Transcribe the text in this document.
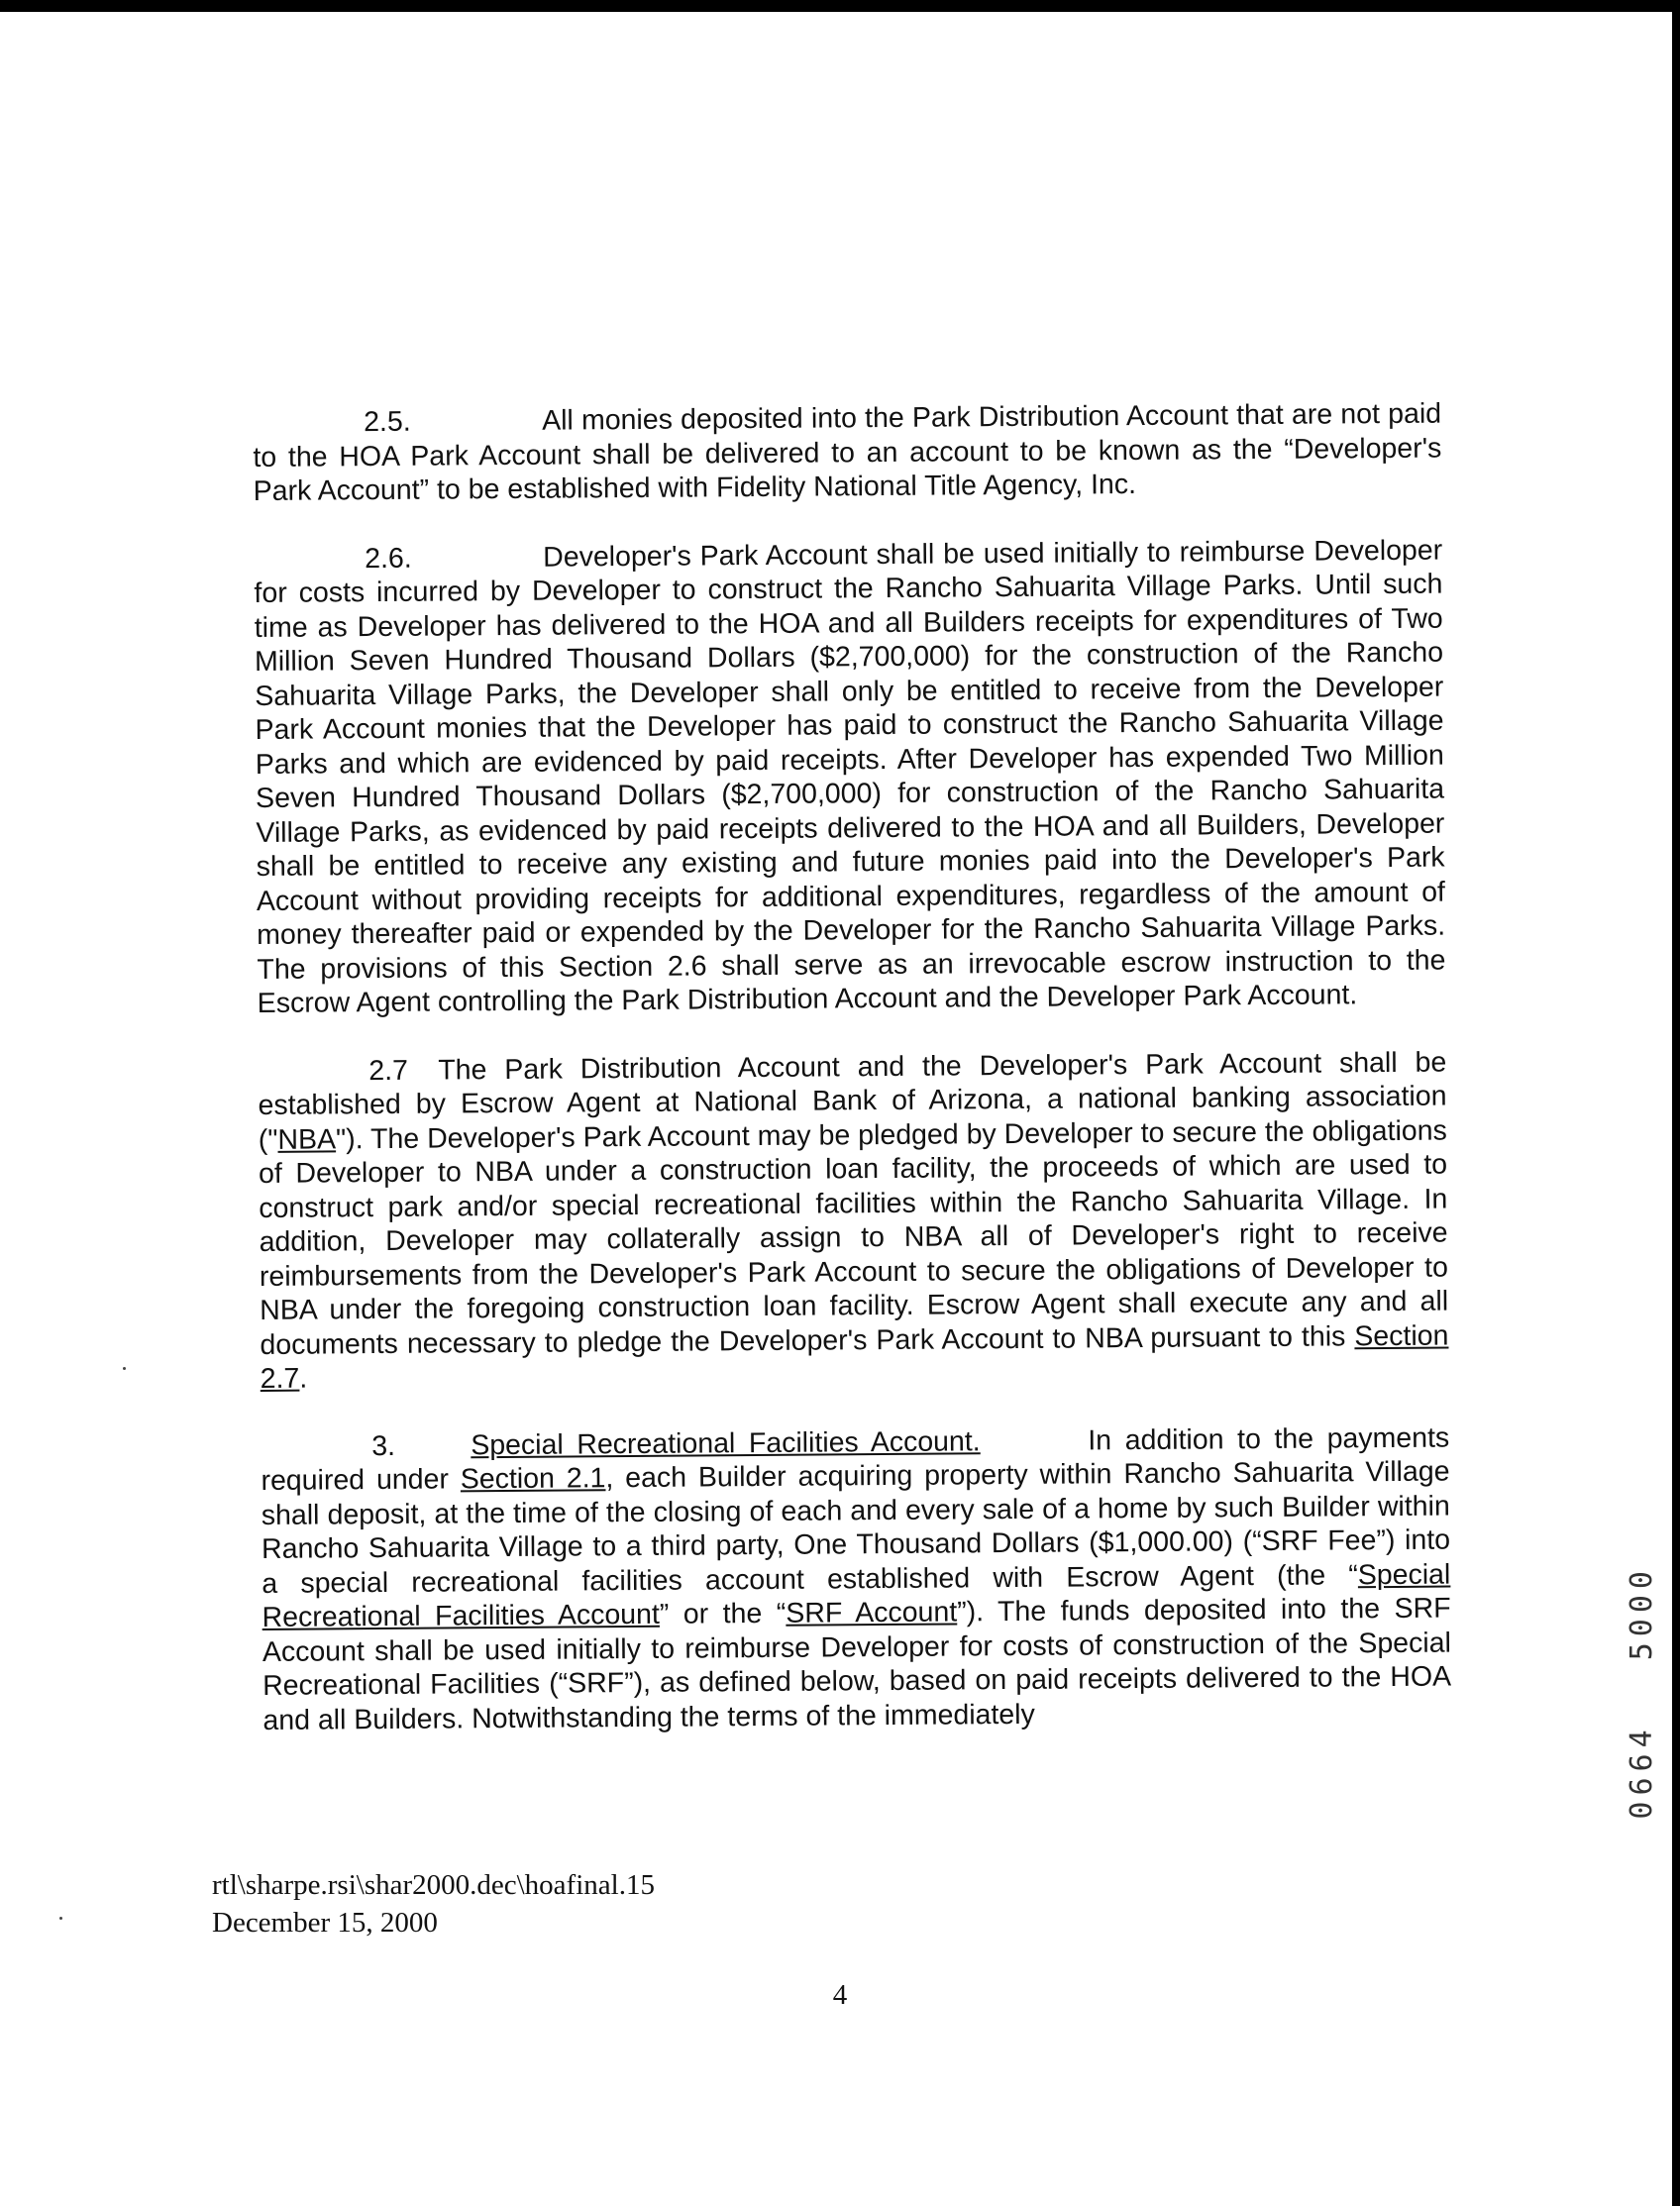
2.5.	All monies deposited into the Park Distribution Account that are not paid to the HOA Park Account shall be delivered to an account to be known as the “Developer's Park Account” to be established with Fidelity National Title Agency, Inc.

2.6.	Developer's Park Account shall be used initially to reimburse Developer for costs incurred by Developer to construct the Rancho Sahuarita Village Parks. Until such time as Developer has delivered to the HOA and all Builders receipts for expenditures of Two Million Seven Hundred Thousand Dollars ($2,700,000) for the construction of the Rancho Sahuarita Village Parks, the Developer shall only be entitled to receive from the Developer Park Account monies that the Developer has paid to construct the Rancho Sahuarita Village Parks and which are evidenced by paid receipts. After Developer has expended Two Million Seven Hundred Thousand Dollars ($2,700,000) for construction of the Rancho Sahuarita Village Parks, as evidenced by paid receipts delivered to the HOA and all Builders, Developer shall be entitled to receive any existing and future monies paid into the Developer's Park Account without providing receipts for additional expenditures, regardless of the amount of money thereafter paid or expended by the Developer for the Rancho Sahuarita Village Parks. The provisions of this Section 2.6 shall serve as an irrevocable escrow instruction to the Escrow Agent controlling the Park Distribution Account and the Developer Park Account.

2.7 The Park Distribution Account and the Developer's Park Account shall be established by Escrow Agent at National Bank of Arizona, a national banking association ("NBA"). The Developer's Park Account may be pledged by Developer to secure the obligations of Developer to NBA under a construction loan facility, the proceeds of which are used to construct park and/or special recreational facilities within the Rancho Sahuarita Village. In addition, Developer may collaterally assign to NBA all of Developer's right to receive reimbursements from the Developer's Park Account to secure the obligations of Developer to NBA under the foregoing construction loan facility. Escrow Agent shall execute any and all documents necessary to pledge the Developer's Park Account to NBA pursuant to this Section 2.7.

3.	Special Recreational Facilities Account.	In addition to the payments required under Section 2.1, each Builder acquiring property within Rancho Sahuarita Village shall deposit, at the time of the closing of each and every sale of a home by such Builder within Rancho Sahuarita Village to a third party, One Thousand Dollars ($1,000.00) (“SRF Fee”) into a special recreational facilities account established with Escrow Agent (the “Special Recreational Facilities Account” or the “SRF Account”). The funds deposited into the SRF Account shall be used initially to reimburse Developer for costs of construction of the Special Recreational Facilities (“SRF”), as defined below, based on paid receipts delivered to the HOA and all Builders. Notwithstanding the terms of the immediately

rtl\sharpe.rsi\shar2000.dec\hoafinal.15
December 15, 2000
4
0664 5000
